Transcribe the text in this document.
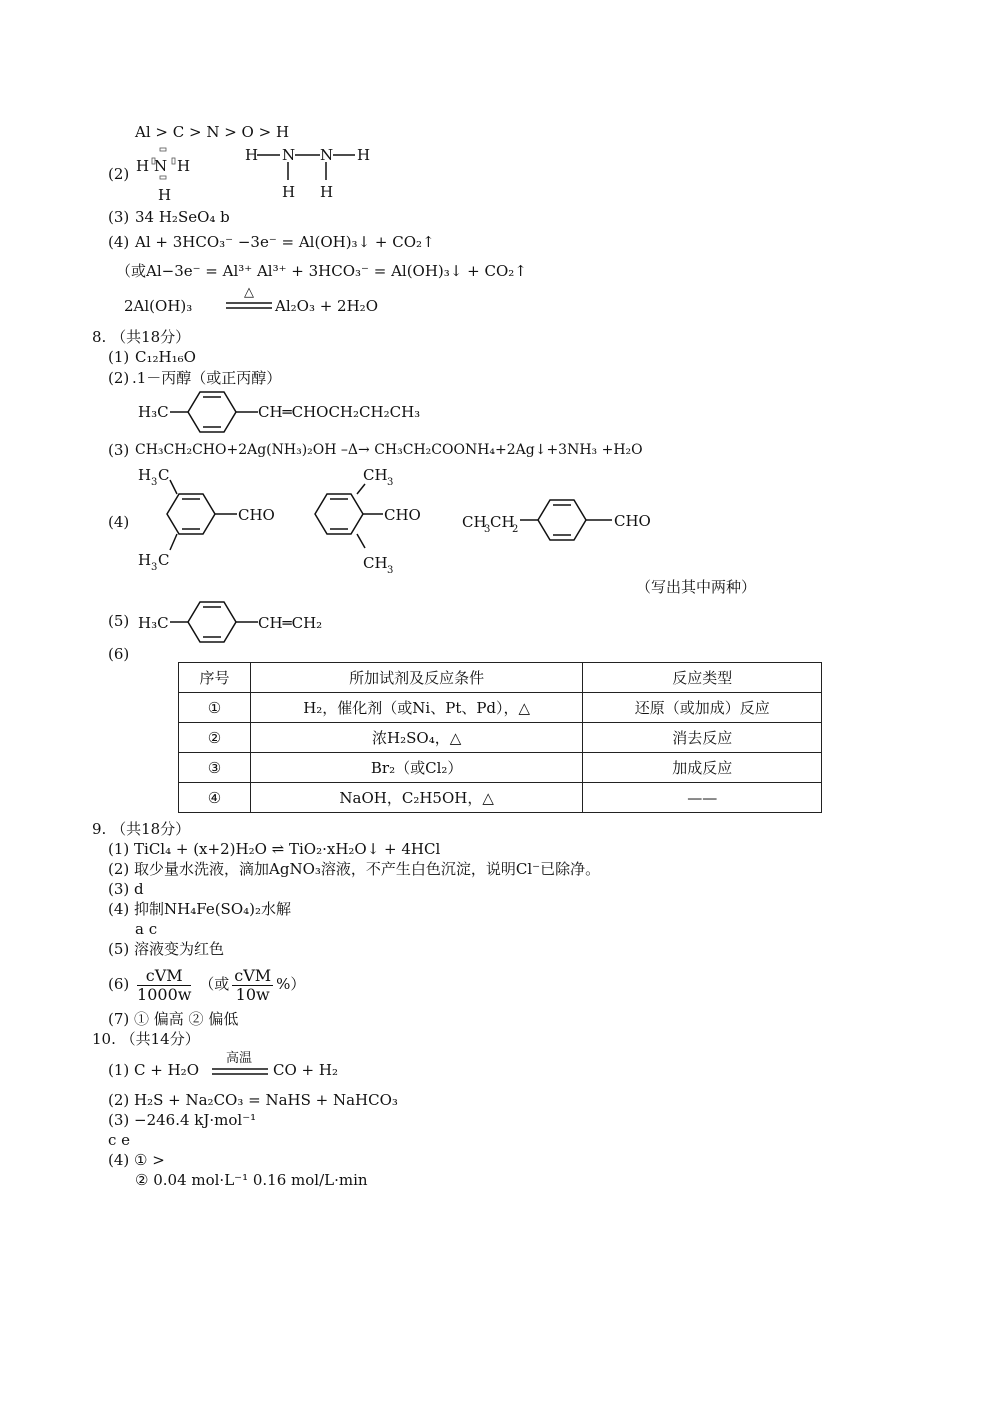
Al > C > N > O > H
(2) H N H
H
H N N H
H H
(3) 34 H₂SeO₄ b
(4) Al + 3HCO₃⁻ −3e⁻ = Al(OH)₃↓ + CO₂↑
（或Al−3e⁻ = Al³⁺ Al³⁺ + 3HCO₃⁻ = Al(OH)₃↓ + CO₂↑
2Al(OH)₃
△
Al₂O₃ + 2H₂O
8. （共18分）
(1) C₁₂H₁₆O
(2) .1－丙醇（或正丙醇）
H₃C	CH═CHOCH₂CH₂CH₃
(3) CH₃CH₂CHO+2Ag(NH₃)₂OH –Δ→ CH₃CH₂COONH₄+2Ag↓+3NH₃ +H₂O
(4)
H 3 C
CHO
H 3 C
CH 3
CHO
CH 3
CH
3 CH
2	CHO
（写出其中两种）
(5) H₃C	CH═CH₂
(6)
序号	所加试剂及反应条件	反应类型
①	H₂，催化剂（或Ni、Pt、Pd），△	还原（或加成）反应
②	浓H₂SO₄，△	消去反应
③	Br₂（或Cl₂）	加成反应
④	NaOH，C₂H5OH，△	——
9. （共18分）
(1) TiCl₄ + (x+2)H₂O ⇌ TiO₂·xH₂O↓ + 4HCl
(2) 取少量水洗液，滴加AgNO₃溶液，不产生白色沉淀，说明Cl⁻已除净。
(3) d
(4) 抑制NH₄Fe(SO₄)₂水解
a c
(5) 溶液变为红色
$(6) \frac{\text{cVM}}{1000w}$ （或 $\frac{\text{cVM}}{10w}$ %）
(7) ① 偏高 ② 偏低
10. （共14分）
(1) C + H₂O
高温
CO + H₂
(2) H₂S + Na₂CO₃ = NaHS + NaHCO₃
(3) −246.4 kJ·mol⁻¹
c e
(4) ① >
② 0.04 mol·L⁻¹ 0.16 mol/L·min
